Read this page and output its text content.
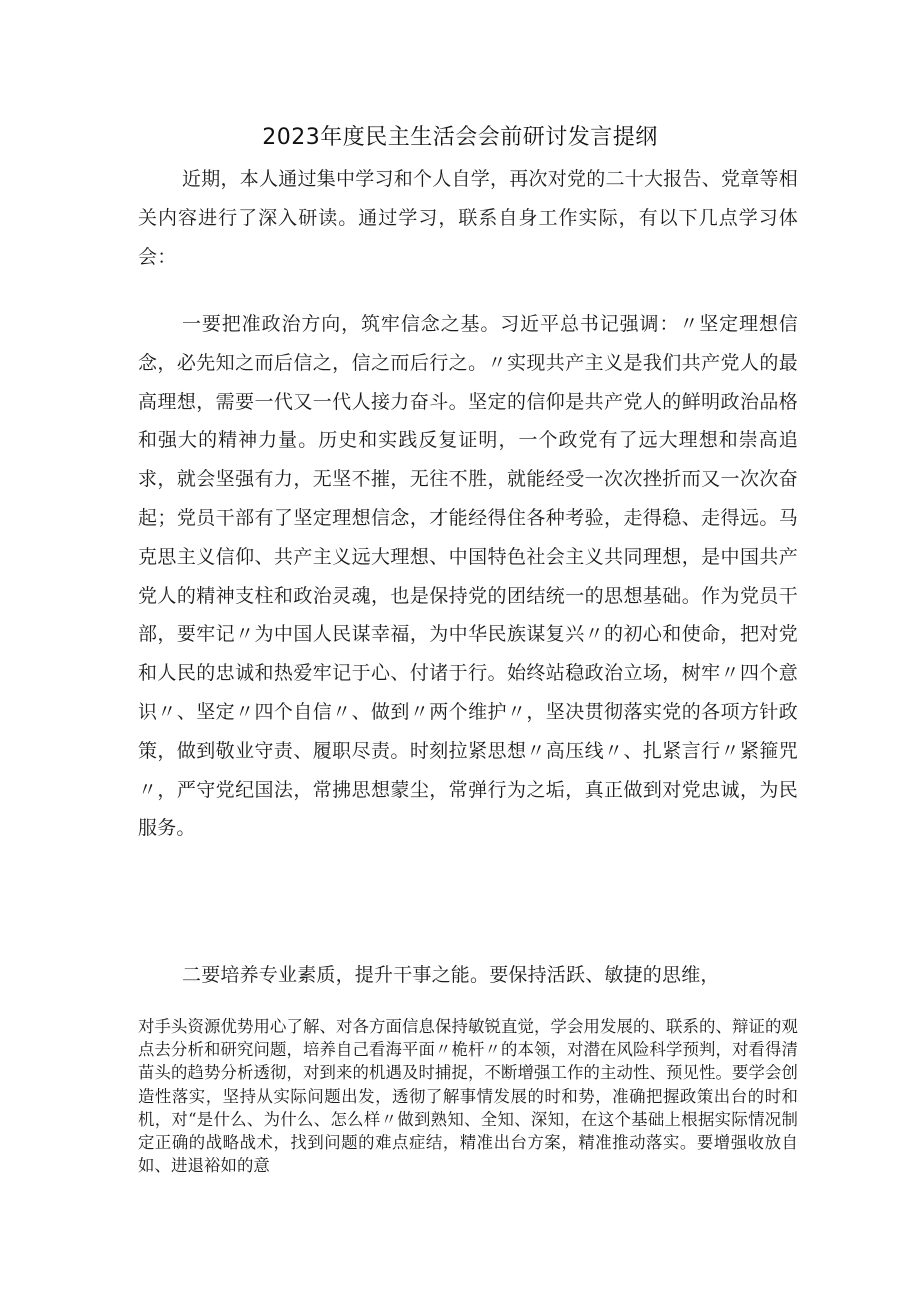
2023年度民主生活会会前研讨发言提纲

近期，本人通过集中学习和个人自学，再次对党的二十大报告、党章等相关内容进行了深入研读。通过学习，联系自身工作实际，有以下几点学习体会：

一要把准政治方向，筑牢信念之基。习近平总书记强调：〃坚定理想信念，必先知之而后信之，信之而后行之。〃实现共产主义是我们共产党人的最高理想，需要一代又一代人接力奋斗。坚定的信仰是共产党人的鲜明政治品格和强大的精神力量。历史和实践反复证明，一个政党有了远大理想和崇高追求，就会坚强有力，无坚不摧，无往不胜，就能经受一次次挫折而又一次次奋起；党员干部有了坚定理想信念，才能经得住各种考验，走得稳、走得远。马克思主义信仰、共产主义远大理想、中国特色社会主义共同理想，是中国共产党人的精神支柱和政治灵魂，也是保持党的团结统一的思想基础。作为党员干部，要牢记〃为中国人民谋幸福，为中华民族谋复兴〃的初心和使命，把对党和人民的忠诚和热爱牢记于心、付诸于行。始终站稳政治立场，树牢〃四个意识〃、坚定〃四个自信〃、做到〃两个维护〃，坚决贯彻落实党的各项方针政策，做到敬业守责、履职尽责。时刻拉紧思想〃高压线〃、扎紧言行〃紧箍咒〃，严守党纪国法，常拂思想蒙尘，常弹行为之垢，真正做到对党忠诚，为民服务。

二要培养专业素质，提升干事之能。要保持活跃、敏捷的思维，

对手头资源优势用心了解、对各方面信息保持敏锐直觉，学会用发展的、联系的、辩证的观点去分析和研究问题，培养自己看海平面〃桅杆〃的本领，对潜在风险科学预判，对看得清苗头的趋势分析透彻，对到来的机遇及时捕捉，不断增强工作的主动性、预见性。要学会创造性落实，坚持从实际问题出发，透彻了解事情发展的时和势，准确把握政策出台的时和机，对“是什么、为什么、怎么样〃做到熟知、全知、深知，在这个基础上根据实际情况制定正确的战略战术，找到问题的难点症结，精准出台方案，精准推动落实。要增强收放自如、进退裕如的意
